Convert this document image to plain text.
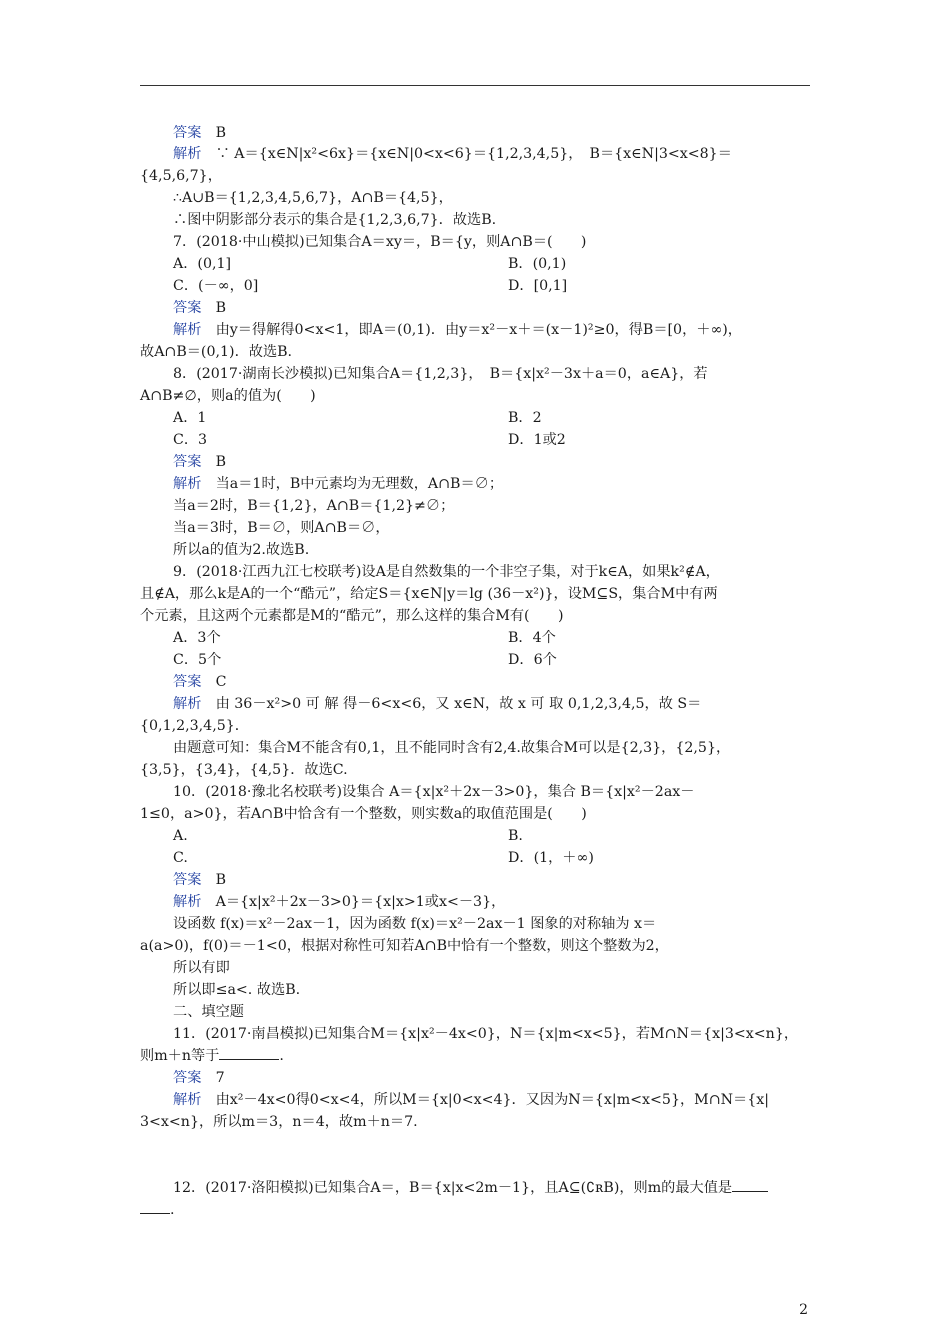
答案　B
解析　∵ A＝{x∈N|x²<6x}＝{x∈N|0<x<6}＝{1,2,3,4,5}，　B＝{x∈N|3<x<8}＝
{4,5,6,7}，
∴A∪B＝{1,2,3,4,5,6,7}，A∩B＝{4,5}，
∴图中阴影部分表示的集合是{1,2,3,6,7}．故选B.
7．(2018·中山模拟)已知集合A＝xy＝，B＝{y，则A∩B＝(　　)
A．(0,1]	B．(0,1)
C．(－∞，0]	D．[0,1]
答案　B
解析　由y＝得解得0<x<1，即A＝(0,1)．由y＝x²－x＋＝(x－1)²≥0，得B＝[0，＋∞)，
故A∩B＝(0,1)．故选B.
8．(2017·湖南长沙模拟)已知集合A＝{1,2,3}，　B＝{x|x²－3x＋a＝0，a∈A}，若
A∩B≠∅，则a的值为(　　)
A．1	B．2
C．3	D．1或2
答案　B
解析　当a＝1时，B中元素均为无理数，A∩B＝∅；
当a＝2时，B＝{1,2}，A∩B＝{1,2}≠∅；
当a＝3时，B＝∅，则A∩B＝∅，
所以a的值为2.故选B.
9．(2018·江西九江七校联考)设A是自然数集的一个非空子集，对于k∈A，如果k²∉A，
且∉A，那么k是A的一个“酷元”，给定S＝{x∈N|y＝lg (36－x²)}，设M⊆S，集合M中有两
个元素，且这两个元素都是M的“酷元”，那么这样的集合M有(　　)
A．3个	B．4个
C．5个	D．6个
答案　C
解析　由 36－x²>0 可 解 得－6<x<6，又 x∈N，故 x 可 取 0,1,2,3,4,5，故 S＝
{0,1,2,3,4,5}．
由题意可知：集合M不能含有0,1，且不能同时含有2,4.故集合M可以是{2,3}，{2,5}，
{3,5}，{3,4}，{4,5}．故选C.
10．(2018·豫北名校联考)设集合 A＝{x|x²＋2x－3>0}，集合 B＝{x|x²－2ax－
1≤0，a>0}，若A∩B中恰含有一个整数，则实数a的取值范围是(　　)
A.	B.
C.	D．(1，＋∞)
答案　B
解析　A＝{x|x²＋2x－3>0}＝{x|x>1或x<－3}，
设函数 f(x)＝x²－2ax－1，因为函数 f(x)＝x²－2ax－1 图象的对称轴为 x＝
a(a>0)，f(0)＝－1<0，根据对称性可知若A∩B中恰有一个整数，则这个整数为2，
所以有即
所以即≤a<. 故选B.
二、填空题
11．(2017·南昌模拟)已知集合M＝{x|x²－4x<0}，N＝{x|m<x<5}，若M∩N＝{x|3<x<n}，
则m＋n等于	.
答案　7
解析　由x²－4x<0得0<x<4，所以M＝{x|0<x<4}．又因为N＝{x|m<x<5}，M∩N＝{x|
3<x<n}，所以m＝3，n＝4，故m＋n＝7.
12．(2017·洛阳模拟)已知集合A＝，B＝{x|x<2m－1}，且A⊆(∁ʀB)，则m的最大值是
.
2
